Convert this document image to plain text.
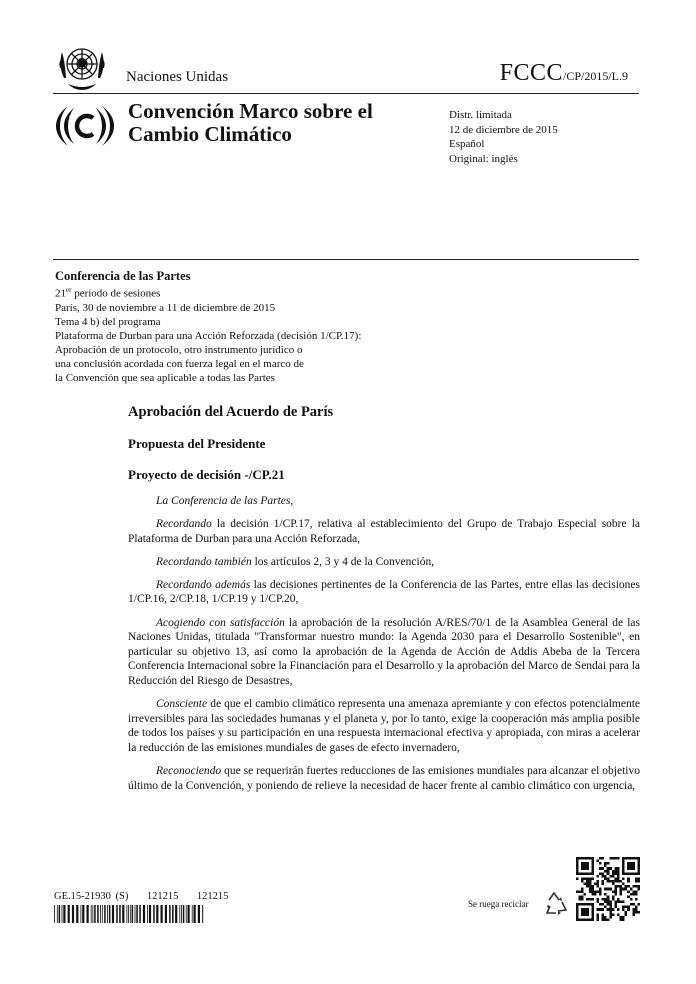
Naciones Unidas	FCCC/CP/2015/L.9
Convención Marco sobre el
Cambio Climático
Distr. limitada
12 de diciembre de 2015
Español
Original: inglés
Conferencia de las Partes
21er período de sesiones
París, 30 de noviembre a 11 de diciembre de 2015
Tema 4 b) del programa
Plataforma de Durban para una Acción Reforzada (decisión 1/CP.17):
Aprobación de un protocolo, otro instrumento jurídico o
una conclusión acordada con fuerza legal en el marco de
la Convención que sea aplicable a todas las Partes
Aprobación del Acuerdo de París
Propuesta del Presidente
Proyecto de decisión -/CP.21

La Conferencia de las Partes,

Recordando la decisión 1/CP.17, relativa al establecimiento del Grupo de Trabajo Especial sobre la Plataforma de Durban para una Acción Reforzada,

Recordando también los artículos 2, 3 y 4 de la Convención,

Recordando además las decisiones pertinentes de la Conferencia de las Partes, entre ellas las decisiones 1/CP.16, 2/CP.18, 1/CP.19 y 1/CP.20,

Acogiendo con satisfacción la aprobación de la resolución A/RES/70/1 de la Asamblea General de las Naciones Unidas, titulada "Transformar nuestro mundo: la Agenda 2030 para el Desarrollo Sostenible", en particular su objetivo 13, así como la aprobación de la Agenda de Acción de Addis Abeba de la Tercera Conferencia Internacional sobre la Financiación para el Desarrollo y la aprobación del Marco de Sendai para la Reducción del Riesgo de Desastres,

Consciente de que el cambio climático representa una amenaza apremiante y con efectos potencialmente irreversibles para las sociedades humanas y el planeta y, por lo tanto, exige la cooperación más amplia posible de todos los países y su participación en una respuesta internacional efectiva y apropiada, con miras a acelerar la reducción de las emisiones mundiales de gases de efecto invernadero,

Reconociendo que se requerirán fuertes reducciones de las emisiones mundiales para alcanzar el objetivo último de la Convención, y poniendo de relieve la necesidad de hacer frente al cambio climático con urgencia,

GE.15-21930 (S) 121215 121215
Se ruega reciclar
